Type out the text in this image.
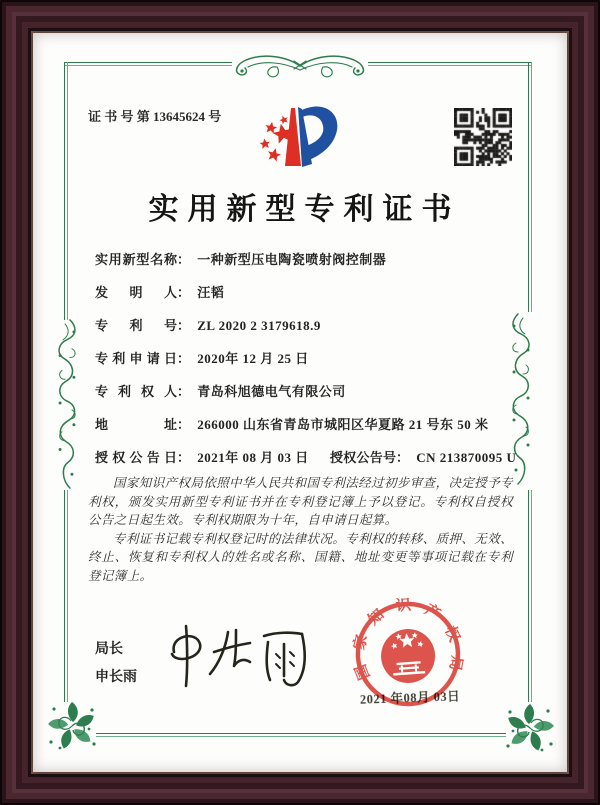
证 书 号 第 13645624 号
实用新型专利证书
实用新型名称： 一种新型压电陶瓷喷射阀控制器
发明人： 汪韬
专利号： ZL 2020 2 3179618.9
专利申请日： 2020年 12 月 25 日
专利权人： 青岛科旭德电气有限公司
地址： 266000 山东省青岛市城阳区华夏路 21 号东 50 米
授权公告日： 2021年 08 月 03 日 授权公告号： CN 213870095 U

国家知识产权局依照中华人民共和国专利法经过初步审查，决定授予专利权，颁发实用新型专利证书并在专利登记簿上予以登记。专利权自授权公告之日起生效。专利权期限为十年，自申请日起算。

专利证书记载专利权登记时的法律状况。专利权的转移、质押、无效、终止、恢复和专利权人的姓名或名称、国籍、地址变更等事项记载在专利登记簿上。

局长
申长雨	国家知识产权局
2021 年08月 03日
